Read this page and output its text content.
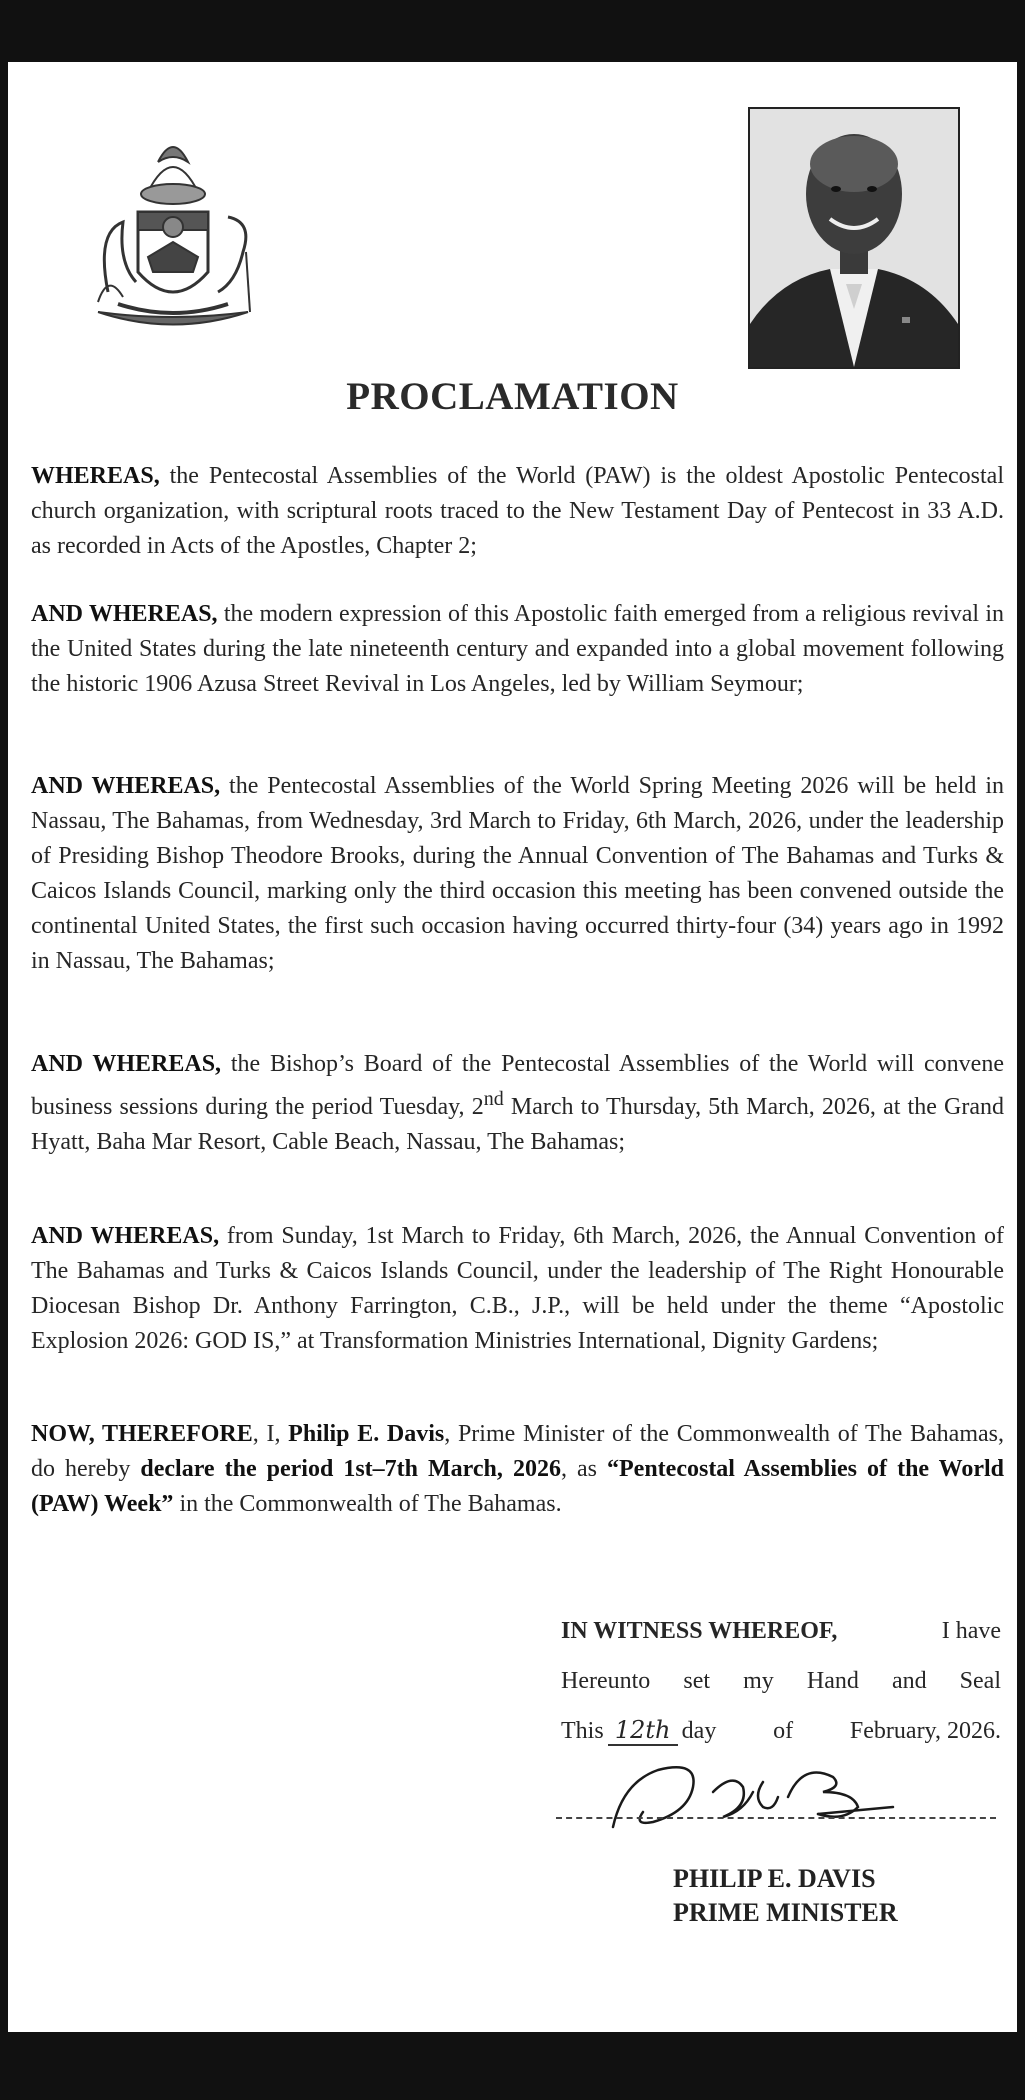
PROCLAMATION

WHEREAS, the Pentecostal Assemblies of the World (PAW) is the oldest Apostolic Pentecostal church organization, with scriptural roots traced to the New Testament Day of Pentecost in 33 A.D. as recorded in Acts of the Apostles, Chapter 2;

AND WHEREAS, the modern expression of this Apostolic faith emerged from a religious revival in the United States during the late nineteenth century and expanded into a global movement following the historic 1906 Azusa Street Revival in Los Angeles, led by William Seymour;

AND WHEREAS, the Pentecostal Assemblies of the World Spring Meeting 2026 will be held in Nassau, The Bahamas, from Wednesday, 3rd March to Friday, 6th March, 2026, under the leadership of Presiding Bishop Theodore Brooks, during the Annual Convention of The Bahamas and Turks & Caicos Islands Council, marking only the third occasion this meeting has been convened outside the continental United States, the first such occasion having occurred thirty-four (34) years ago in 1992 in Nassau, The Bahamas;

AND WHEREAS, the Bishop’s Board of the Pentecostal Assemblies of the World will convene business sessions during the period Tuesday, 2nd March to Thursday, 5th March, 2026, at the Grand Hyatt, Baha Mar Resort, Cable Beach, Nassau, The Bahamas;

AND WHEREAS, from Sunday, 1st March to Friday, 6th March, 2026, the Annual Convention of The Bahamas and Turks & Caicos Islands Council, under the leadership of The Right Honourable Diocesan Bishop Dr. Anthony Farrington, C.B., J.P., will be held under the theme “Apostolic Explosion 2026: GOD IS,” at Transformation Ministries International, Dignity Gardens;

NOW, THEREFORE, I, Philip E. Davis, Prime Minister of the Commonwealth of The Bahamas, do hereby declare the period 1st–7th March, 2026, as “Pentecostal Assemblies of the World (PAW) Week” in the Commonwealth of The Bahamas.

IN WITNESS WHEREOF,	I have
Hereunto set my Hand and Seal
This 12th day of February, 2026.
PHILIP E. DAVIS
PRIME MINISTER
